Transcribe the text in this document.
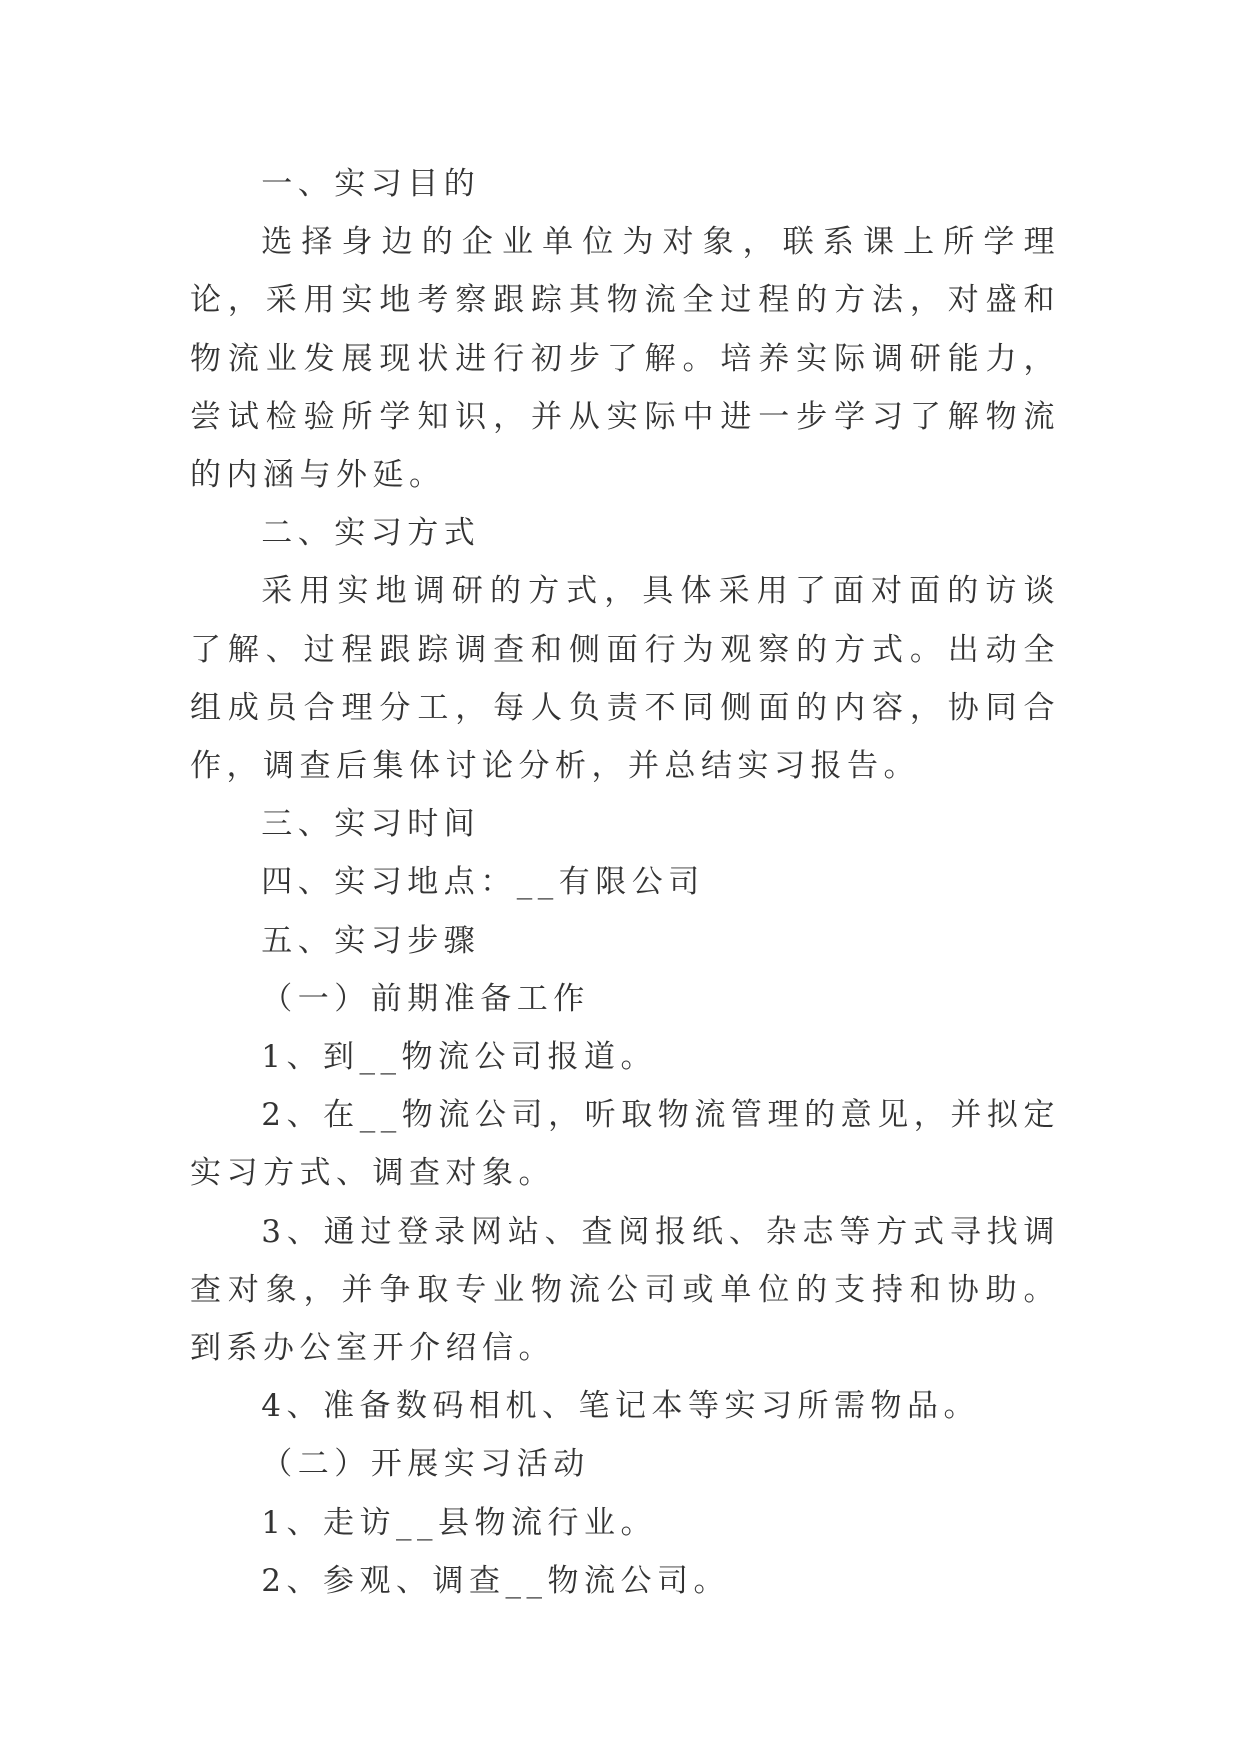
一、实习目的

选择身边的企业单位为对象，联系课上所学理论，采用实地考察跟踪其物流全过程的方法，对盛和物流业发展现状进行初步了解。培养实际调研能力，尝试检验所学知识，并从实际中进一步学习了解物流的内涵与外延。

二、实习方式

采用实地调研的方式，具体采用了面对面的访谈了解、过程跟踪调查和侧面行为观察的方式。出动全组成员合理分工，每人负责不同侧面的内容，协同合作，调查后集体讨论分析，并总结实习报告。

三、实习时间

四、实习地点：__有限公司

五、实习步骤

（一）前期准备工作

1、到__物流公司报道。

2、在__物流公司，听取物流管理的意见，并拟定实习方式、调查对象。

3、通过登录网站、查阅报纸、杂志等方式寻找调查对象，并争取专业物流公司或单位的支持和协助。到系办公室开介绍信。

4、准备数码相机、笔记本等实习所需物品。

（二）开展实习活动

1、走访__县物流行业。

2、参观、调查__物流公司。
